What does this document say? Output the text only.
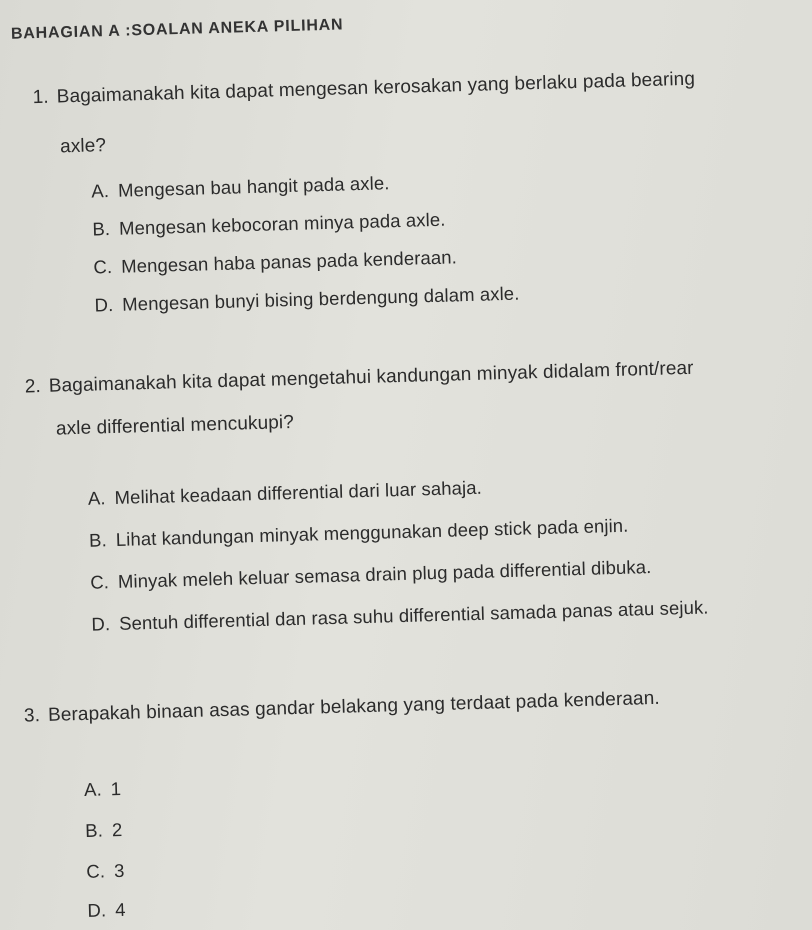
BAHAGIAN A :SOALAN ANEKA PILIHAN
1. Bagaimanakah kita dapat mengesan kerosakan yang berlaku pada bearing
axle?
A. Mengesan bau hangit pada axle.
B. Mengesan kebocoran minya pada axle.
C. Mengesan haba panas pada kenderaan.
D. Mengesan bunyi bising berdengung dalam axle.
2. Bagaimanakah kita dapat mengetahui kandungan minyak didalam front/rear
axle differential mencukupi?
A. Melihat keadaan differential dari luar sahaja.
B. Lihat kandungan minyak menggunakan deep stick pada enjin.
C. Minyak meleh keluar semasa drain plug pada differential dibuka.
D. Sentuh differential dan rasa suhu differential samada panas atau sejuk.
3. Berapakah binaan asas gandar belakang yang terdaat pada kenderaan.
A. 1
B. 2
C. 3
D. 4
